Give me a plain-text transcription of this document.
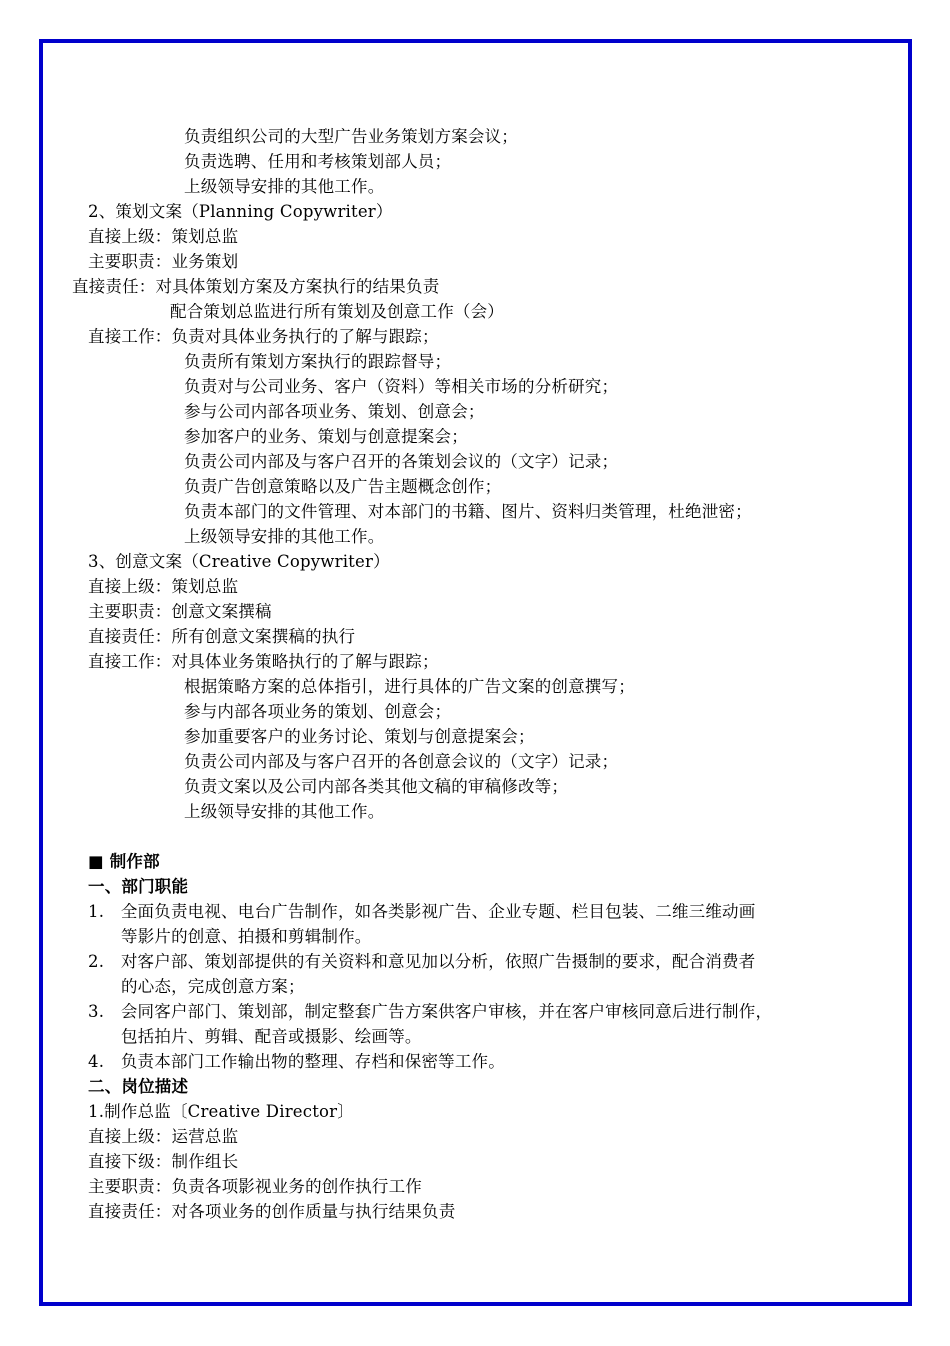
负责组织公司的大型广告业务策划方案会议；
负责选聘、任用和考核策划部人员；
上级领导安排的其他工作。
2、策划文案（Planning Copywriter）
直接上级：策划总监
主要职责：业务策划
直接责任：对具体策划方案及方案执行的结果负责
配合策划总监进行所有策划及创意工作（会）
直接工作：负责对具体业务执行的了解与跟踪；
负责所有策划方案执行的跟踪督导；
负责对与公司业务、客户（资料）等相关市场的分析研究；
参与公司内部各项业务、策划、创意会；
参加客户的业务、策划与创意提案会；
负责公司内部及与客户召开的各策划会议的（文字）记录；
负责广告创意策略以及广告主题概念创作；
负责本部门的文件管理、对本部门的书籍、图片、资料归类管理，杜绝泄密；
上级领导安排的其他工作。
3、创意文案（Creative Copywriter）
直接上级：策划总监
主要职责：创意文案撰稿
直接责任：所有创意文案撰稿的执行
直接工作：对具体业务策略执行的了解与跟踪；
根据策略方案的总体指引，进行具体的广告文案的创意撰写；
参与内部各项业务的策划、创意会；
参加重要客户的业务讨论、策划与创意提案会；
负责公司内部及与客户召开的各创意会议的（文字）记录；
负责文案以及公司内部各类其他文稿的审稿修改等；
上级领导安排的其他工作。
■ 制作部
一、部门职能
1.　全面负责电视、电台广告制作，如各类影视广告、企业专题、栏目包装、二维三维动画
等影片的创意、拍摄和剪辑制作。
2.　对客户部、策划部提供的有关资料和意见加以分析，依照广告摄制的要求，配合消费者
的心态，完成创意方案；
3.　会同客户部门、策划部，制定整套广告方案供客户审核，并在客户审核同意后进行制作，
包括拍片、剪辑、配音或摄影、绘画等。
4.　负责本部门工作输出物的整理、存档和保密等工作。
二、岗位描述
1.制作总监〔Creative Director〕
直接上级：运营总监
直接下级：制作组长
主要职责：负责各项影视业务的创作执行工作
直接责任：对各项业务的创作质量与执行结果负责
